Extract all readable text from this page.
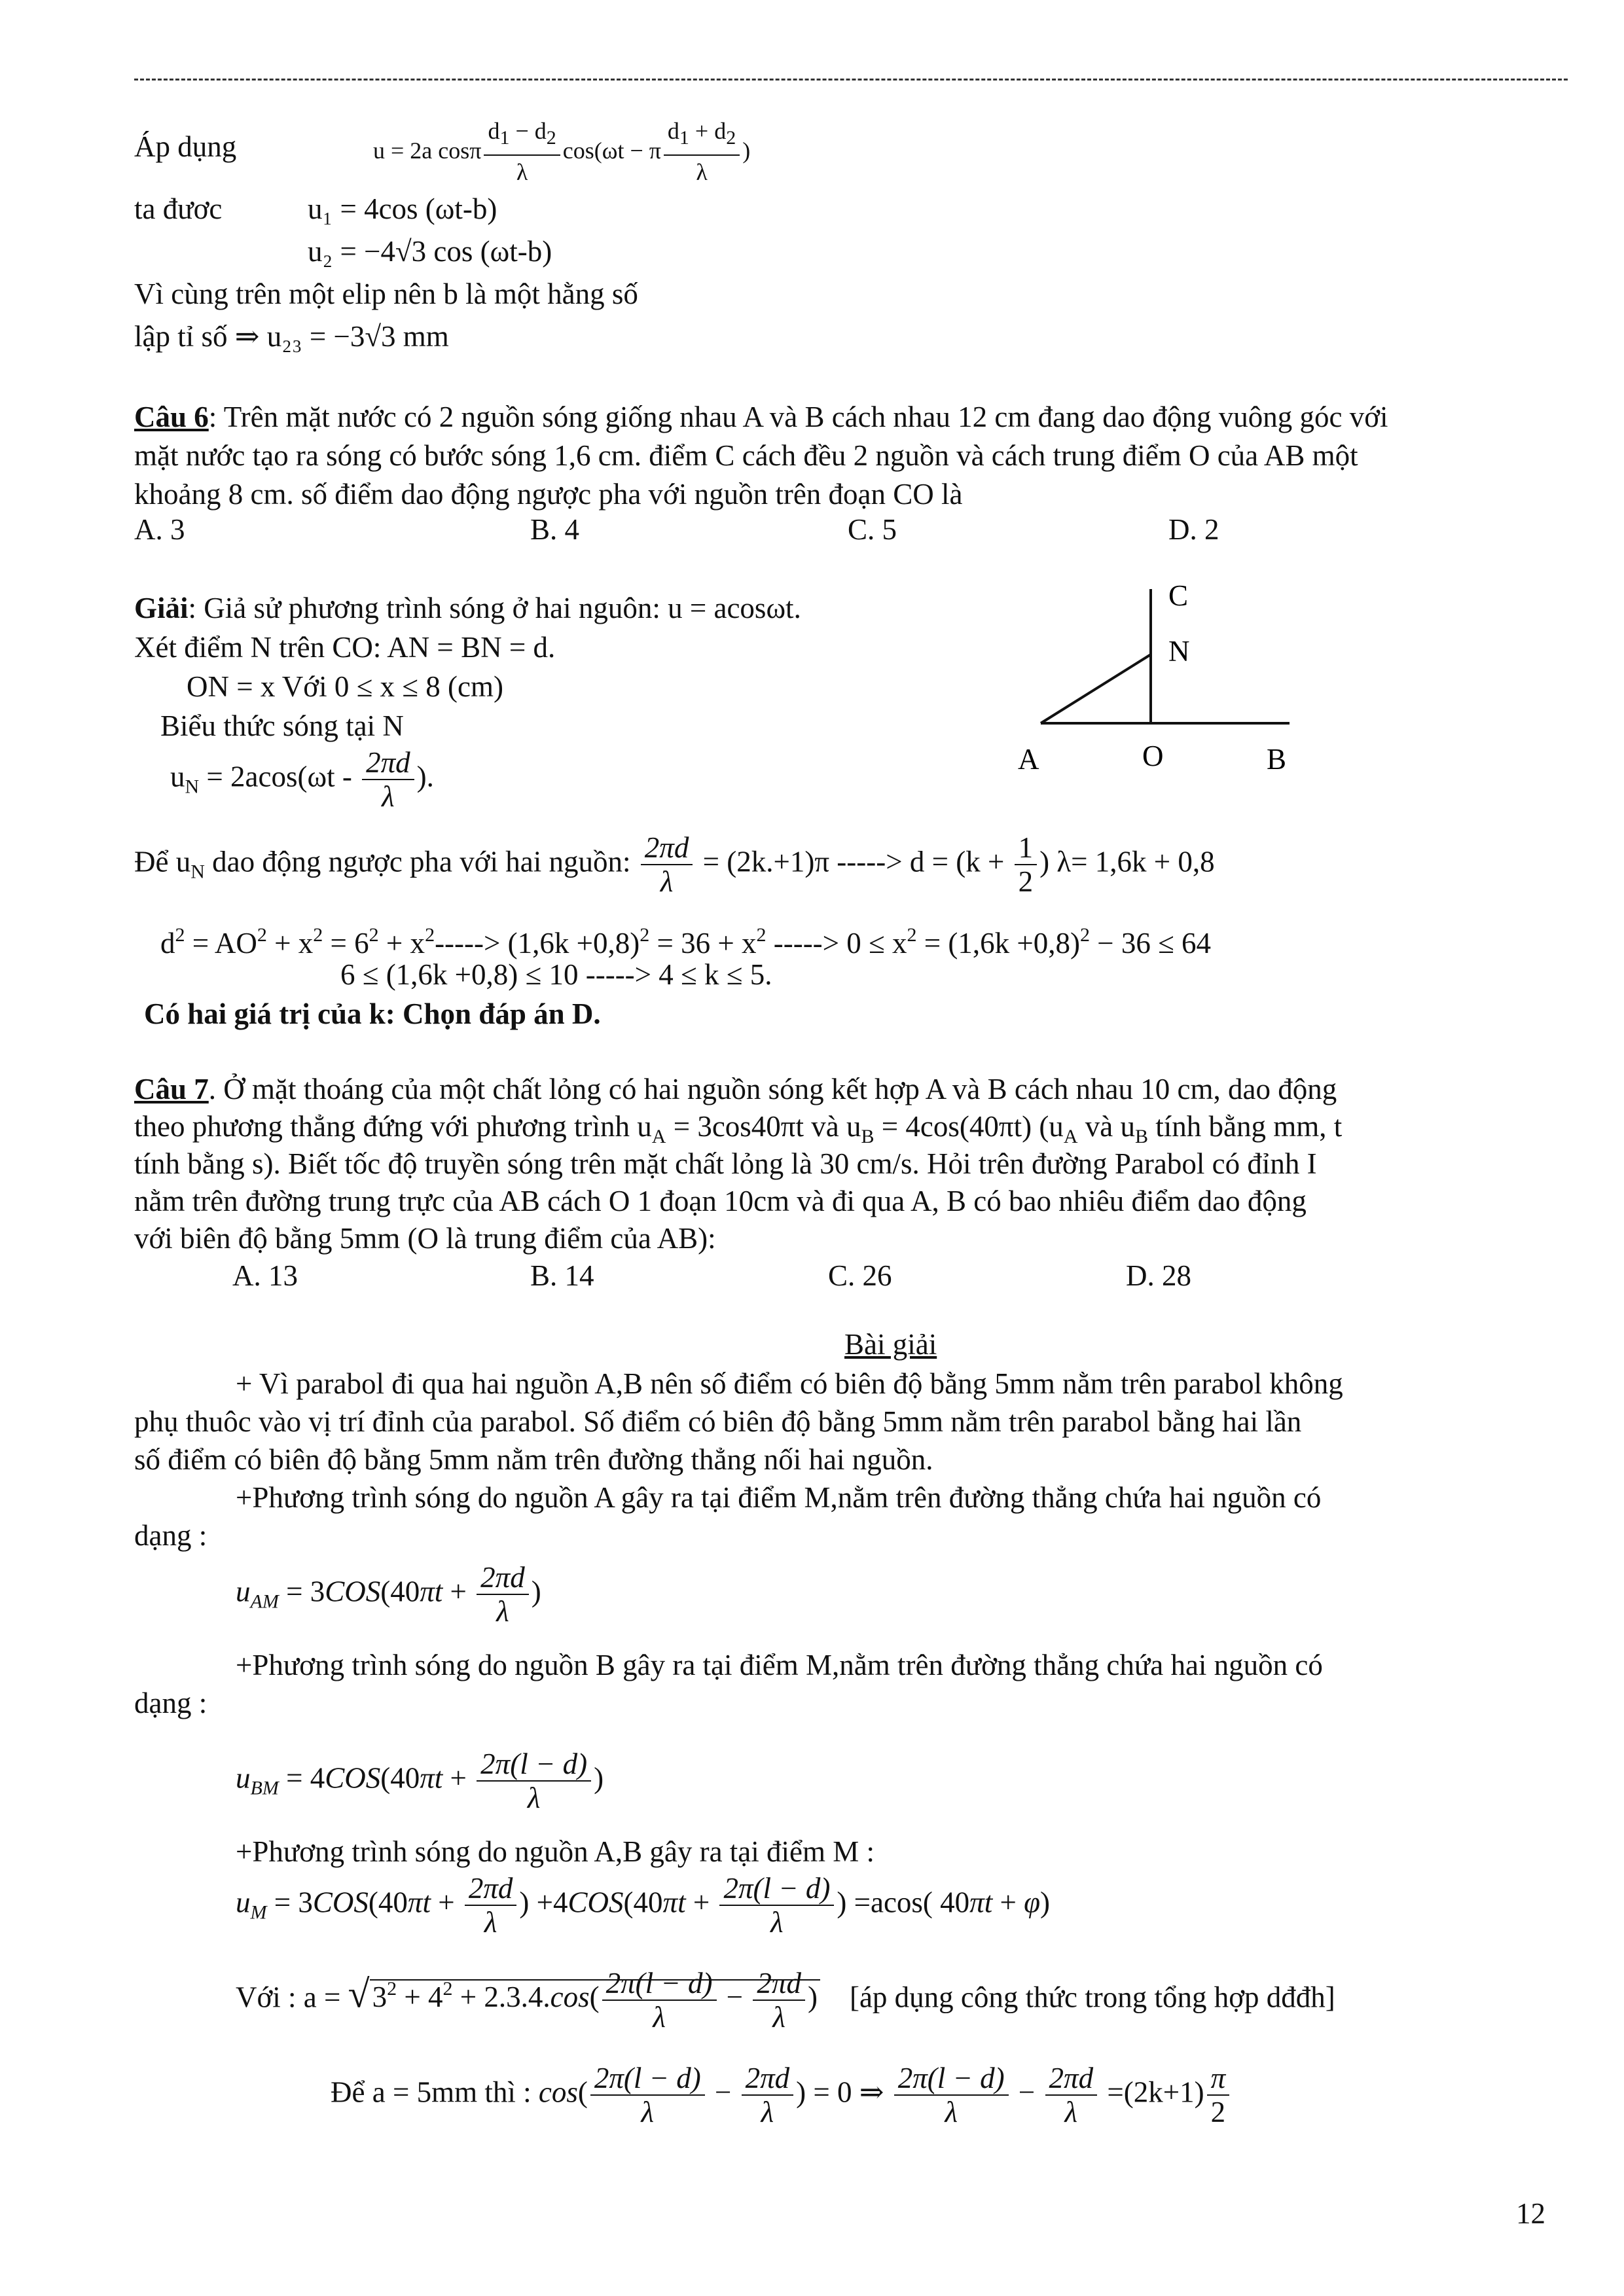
Áp dụng	u = 2a cosπ $\frac{d_1 - d_2}{\lambda} \cos(\omega t - \pi \frac{d_1 + d_2}{\lambda}$ )
ta đươc	u₁ = 4cos (ωt-b)
u₂ = −4√3 cos (ωt-b)
Vì cùng trên một elip nên b là một hằng số
lập tỉ số ⇒ u₂₃ = −3√3 mm
Câu 6: Trên mặt nước có 2 nguồn sóng giống nhau A và B cách nhau 12 cm đang dao động vuông góc với
mặt nước tạo ra sóng có bước sóng 1,6 cm. điểm C cách đều 2 nguồn và cách trung điểm O của AB một
khoảng 8 cm. số điểm dao động ngược pha với nguồn trên đoạn CO là
A. 3	B. 4	C. 5	D. 2
Giải: Giả sử phương trình sóng ở hai nguôn: u = acosωt.
Xét điểm N trên CO: AN = BN = d.
ON = x Với 0 ≤ x ≤ 8 (cm)
Biểu thức sóng tại N
$u_N = 2acos(\omega t - \frac{2\pi d}{\lambda}$ ).
Để $u_N$ dao động ngược pha với hai nguồn: $\frac{2\pi d}{\lambda} = (2k.+1)\pi$ -----> $d = (k + \frac{1}{2}$ ) λ= 1,6k + 0,8
$d^2 = AO^2 + x^2 = 6^2 + x^2-----> (1,6k +0,8)^2 = 36 + x^2$ -----> $0 \le x^2 = (1,6k +0,8)^2 - 36 \le 64$
6 ≤ (1,6k +0,8) ≤ 10 -----> 4 ≤ k ≤ 5.
Có hai giá trị của k: Chọn đáp án D.
C
N
A	O	B
Câu 7. Ở mặt thoáng của một chất lỏng có hai nguồn sóng kết hợp A và B cách nhau 10 cm, dao động
theo phương thẳng đứng với phương trình $u_A = 3\cos 40\pi t$ và $u_B = 4\cos(40\pi t)$ ($u_A$ và $u_B$ tính bằng mm, t
tính bằng s). Biết tốc độ truyền sóng trên mặt chất lỏng là 30 cm/s. Hỏi trên đường Parabol có đỉnh I
nằm trên đường trung trực của AB cách O 1 đoạn 10cm và đi qua A, B có bao nhiêu điểm dao động
với biên độ bằng 5mm (O là trung điểm của AB):
A. 13	B. 14	C. 26	D. 28
Bài giải
+ Vì parabol đi qua hai nguồn A,B nên số điểm có biên độ bằng 5mm nằm trên parabol không
phụ thuôc vào vị trí đỉnh của parabol. Số điểm có biên độ bằng 5mm nằm trên parabol bằng hai lần
số điểm có biên độ bằng 5mm nằm trên đường thẳng nối hai nguồn.
+Phương trình sóng do nguồn A gây ra tại điểm M,nằm trên đường thẳng chứa hai nguồn có
dạng :
$u_{AM} = 3COS(40\pi t + \frac{2\pi d}{\lambda}$ )
+Phương trình sóng do nguồn B gây ra tại điểm M,nằm trên đường thẳng chứa hai nguồn có
dạng :
$u_{BM} = 4COS(40\pi t + \frac{2\pi(l - d)}{\lambda}$ )
+Phương trình sóng do nguồn A,B gây ra tại điểm M :
$u_M = 3COS(40\pi t + \frac{2\pi d}{\lambda}$ ) $+4COS(40\pi t + \frac{2\pi(l - d)}{\lambda}$ ) =acos( 40πt + φ)
Với : $a = √3^2 + 4^2 + 2.3.4.\cos( \frac{2\pi(l - d)}{\lambda} - \frac{2\pi d}{\lambda}$ ) [áp dụng công thức trong tổng hợp dđđh]
Để a = 5mm thì : $\cos( \frac{2\pi(l - d)}{\lambda} - \frac{2\pi d}{\lambda}$ ) = 0 ⇒ $\frac{2\pi(l - d)}{\lambda} - \frac{2\pi d}{\lambda} =(2k+1) \frac{\pi}{2}$
12
